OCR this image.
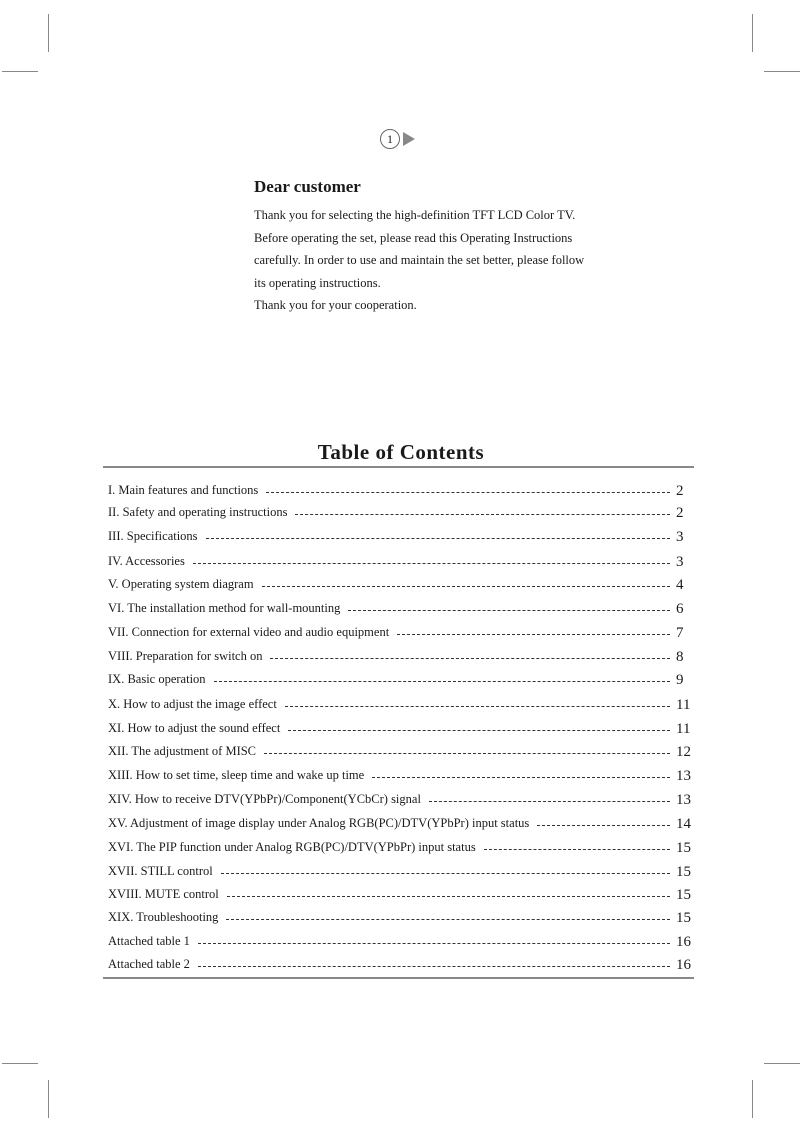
1
Dear customer

Thank you for selecting the high-definition TFT LCD Color TV.

Before operating the set, please read this Operating Instructions

carefully. In order to use and maintain the set better, please follow

its operating instructions.

Thank you for your cooperation.

Table of Contents
I. Main features and functions	2
II. Safety and operating instructions	2
III. Specifications	3
IV. Accessories	3
V. Operating system diagram	4
VI. The installation method for wall-mounting	6
VII. Connection for external video and audio equipment	7
VIII. Preparation for switch on	8
IX. Basic operation	9
X. How to adjust the image effect	11
XI. How to adjust the sound effect	11
XII. The adjustment of MISC	12
XIII. How to set time, sleep time and wake up time	13
XIV. How to receive DTV(YPbPr)/Component(YCbCr) signal	13
XV. Adjustment of image display under Analog RGB(PC)/DTV(YPbPr) input status	14
XVI. The PIP function under Analog RGB(PC)/DTV(YPbPr) input status	15
XVII. STILL control	15
XVIII. MUTE control	15
XIX. Troubleshooting	15
Attached table 1	16
Attached table 2	16
